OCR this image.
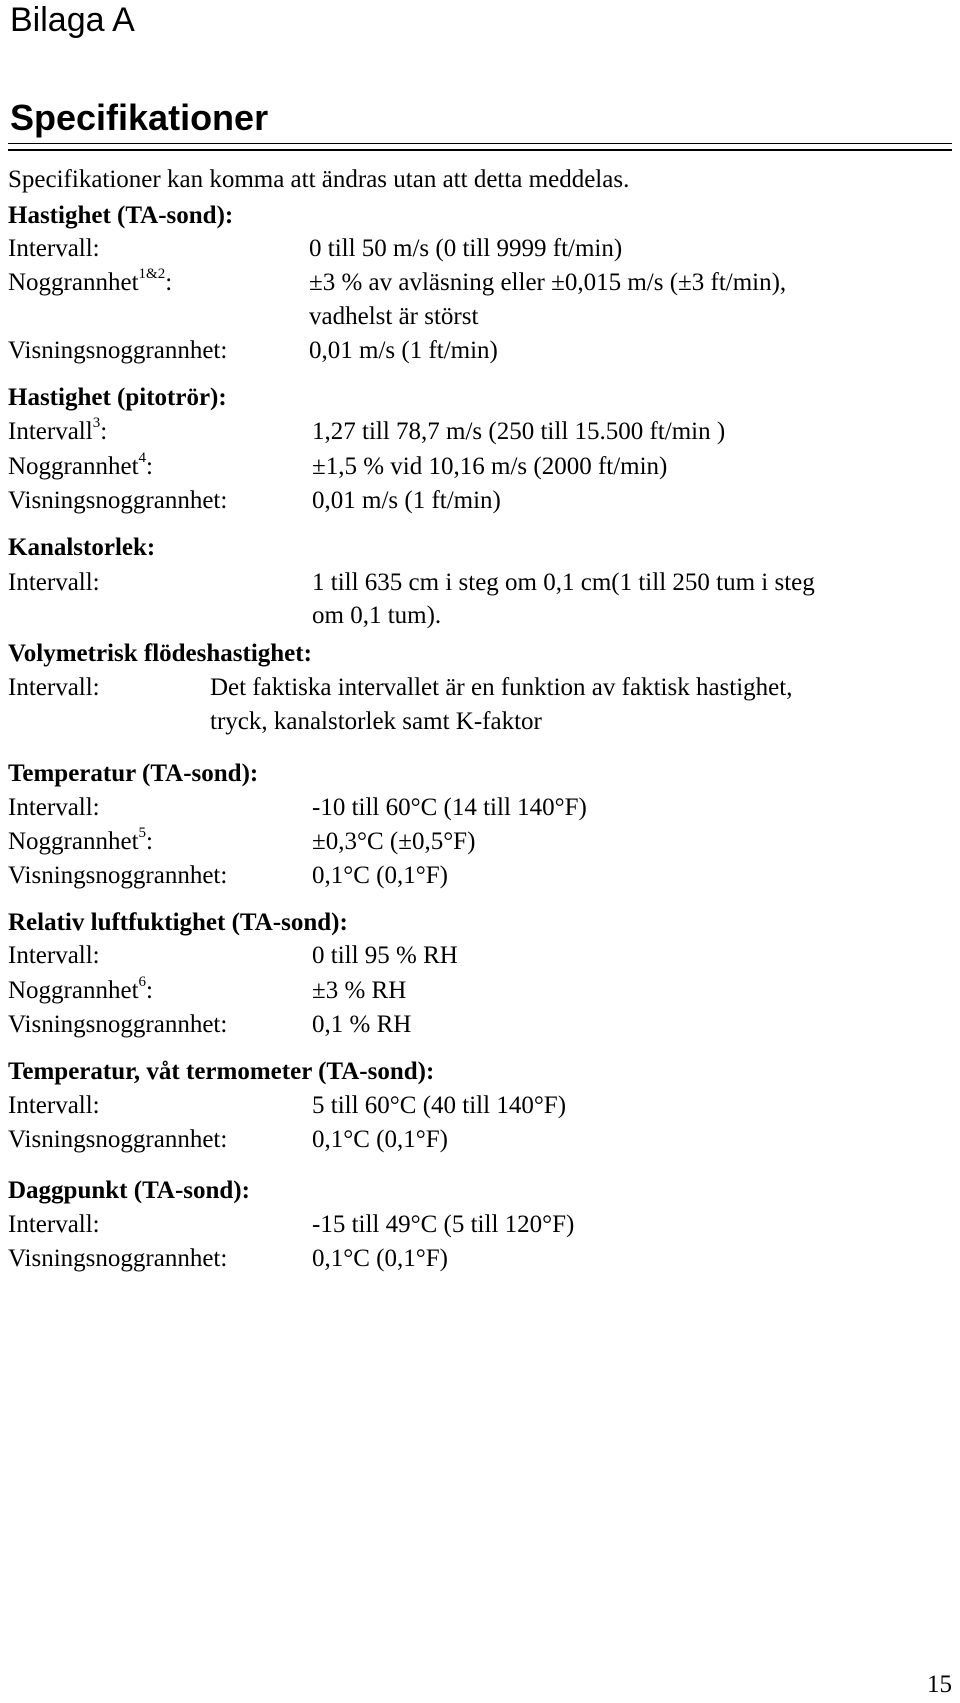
Bilaga A
Specifikationer
Specifikationer kan komma att ändras utan att detta meddelas.
Hastighet (TA-sond):
Intervall:	0 till 50 m/s (0 till 9999 ft/min)
Noggrannhet$^{1\&2}$:	±3 % av avläsning eller ±0,015 m/s (±3 ft/min),
vadhelst är störst
Visningsnoggrannhet:	0,01 m/s (1 ft/min)
Hastighet (pitotrör):
Intervall$^3$:	1,27 till 78,7 m/s (250 till 15.500 ft/min )
Noggrannhet$^4$:	±1,5 % vid 10,16 m/s (2000 ft/min)
Visningsnoggrannhet:	0,01 m/s (1 ft/min)
Kanalstorlek:
Intervall:	1 till 635 cm i steg om 0,1 cm(1 till 250 tum i steg
om 0,1 tum).
Volymetrisk flödeshastighet:
Intervall:	Det faktiska intervallet är en funktion av faktisk hastighet,
tryck, kanalstorlek samt K-faktor
Temperatur (TA-sond):
Intervall:	-10 till 60°C (14 till 140°F)
Noggrannhet$^5$:	±0,3°C (±0,5°F)
Visningsnoggrannhet:	0,1°C (0,1°F)
Relativ luftfuktighet (TA-sond):
Intervall:	0 till 95 % RH
Noggrannhet$^6$:	±3 % RH
Visningsnoggrannhet:	0,1 % RH
Temperatur, våt termometer (TA-sond):
Intervall:	5 till 60°C (40 till 140°F)
Visningsnoggrannhet:	0,1°C (0,1°F)
Daggpunkt (TA-sond):
Intervall:	-15 till 49°C (5 till 120°F)
Visningsnoggrannhet:	0,1°C (0,1°F)
15
